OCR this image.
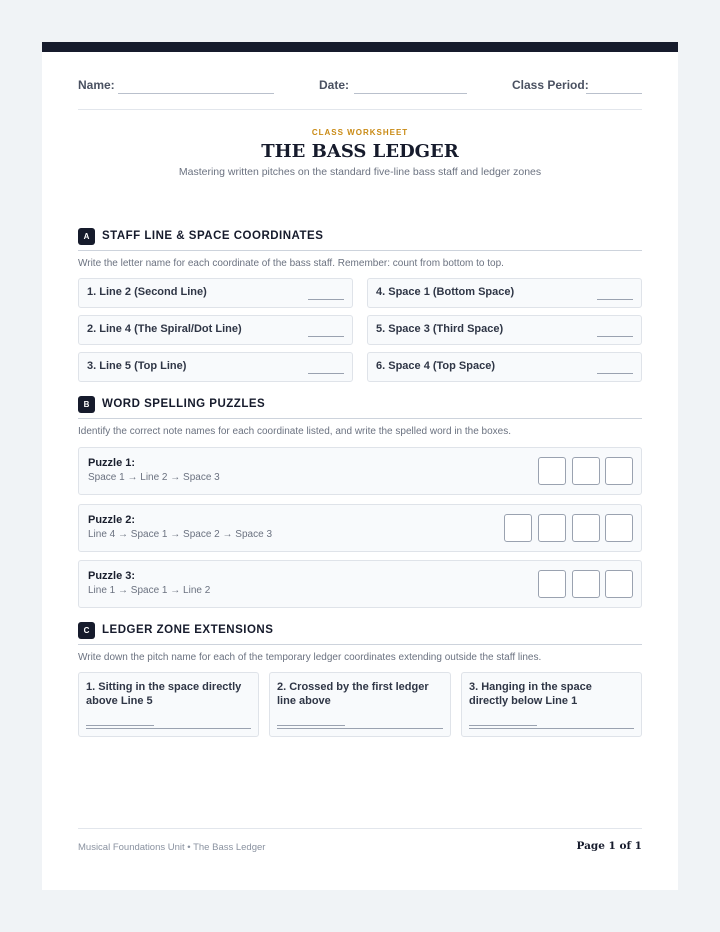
Name:	Date:	Class Period:
CLASS WORKSHEET
THE BASS LEDGER
Mastering written pitches on the standard five-line bass staff and ledger zones
A	STAFF LINE & SPACE COORDINATES
Write the letter name for each coordinate of the bass staff. Remember: count from bottom to top.
1. Line 2 (Second Line)	4. Space 1 (Bottom Space)
2. Line 4 (The Spiral/Dot Line)	5. Space 3 (Third Space)
3. Line 5 (Top Line)	6. Space 4 (Top Space)
B	WORD SPELLING PUZZLES
Identify the correct note names for each coordinate listed, and write the spelled word in the boxes.
Puzzle 1:
Space 1 → Line 2 → Space 3
Puzzle 2:
Line 4 → Space 1 → Space 2 → Space 3
Puzzle 3:
Line 1 → Space 1 → Line 2
C	LEDGER ZONE EXTENSIONS
Write down the pitch name for each of the temporary ledger coordinates extending outside the staff lines.
1. Sitting in the space directly above Line 5
2. Crossed by the first ledger line above
3. Hanging in the space directly below Line 1
Musical Foundations Unit • The Bass Ledger	Page 1 of 1
